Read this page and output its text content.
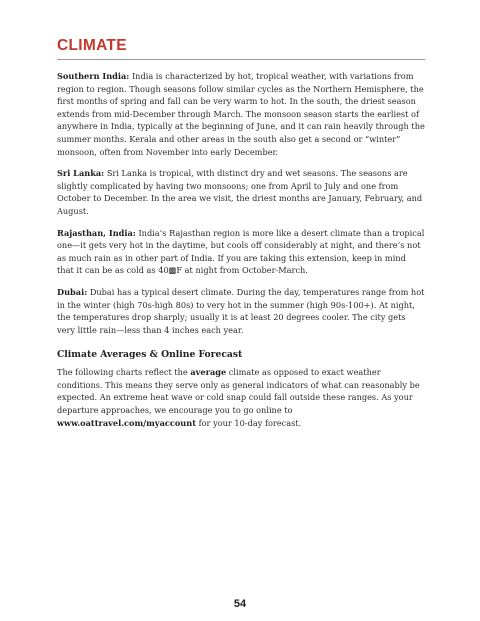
CLIMATE

Southern India: India is characterized by hot, tropical weather, with variations from region to region. Though seasons follow similar cycles as the Northern Hemisphere, the first months of spring and fall can be very warm to hot. In the south, the driest season extends from mid-December through March. The monsoon season starts the earliest of anywhere in India, typically at the beginning of June, and it can rain heavily through the summer months. Kerala and other areas in the south also get a second or “winter” monsoon, often from November into early December.

Sri Lanka: Sri Lanka is tropical, with distinct dry and wet seasons. The seasons are slightly complicated by having two monsoons; one from April to July and one from October to December. In the area we visit, the driest months are January, February, and August.

Rajasthan, India: India’s Rajasthan region is more like a desert climate than a tropical one—it gets very hot in the daytime, but cools off considerably at night, and there’s not as much rain as in other part of India. If you are taking this extension, keep in mind that it can be as cold as 40▩F at night from October-March.

Dubai: Dubai has a typical desert climate. During the day, temperatures range from hot in the winter (high 70s-high 80s) to very hot in the summer (high 90s-100+). At night, the temperatures drop sharply; usually it is at least 20 degrees cooler. The city gets very little rain—less than 4 inches each year.

Climate Averages & Online Forecast

The following charts reflect the average climate as opposed to exact weather conditions. This means they serve only as general indicators of what can reasonably be expected. An extreme heat wave or cold snap could fall outside these ranges. As your departure approaches, we encourage you to go online to www.oattravel.com/myaccount for your 10-day forecast.

54
